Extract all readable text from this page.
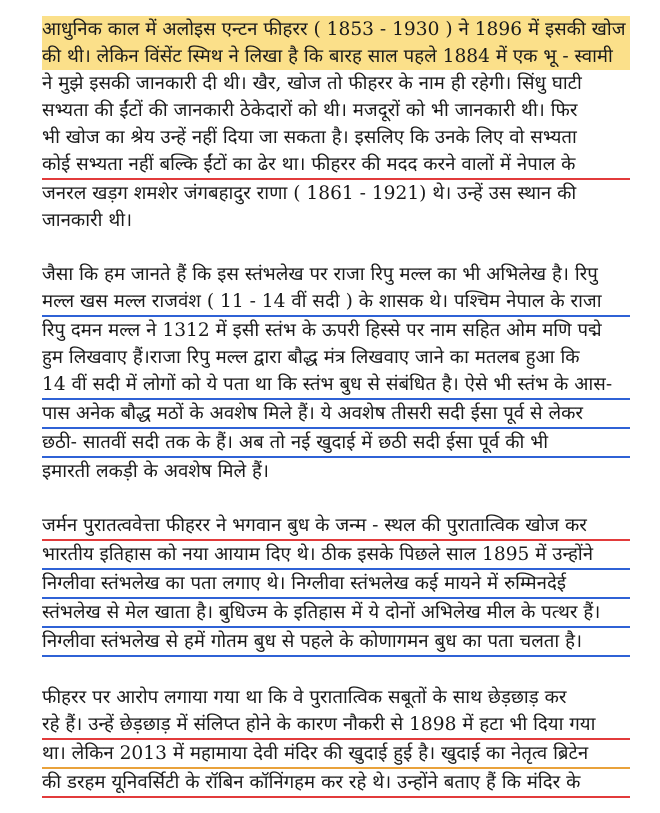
आधुनिक काल में अलोइस एन्टन फीहरर ( 1853 - 1930 ) ने 1896 में इसकी खोज
की थी। लेकिन विंसेंट स्मिथ ने लिखा है कि बारह साल पहले 1884 में एक भू - स्वामी
ने मुझे इसकी जानकारी दी थी। खैर, खोज तो फीहरर के नाम ही रहेगी। सिंधु घाटी
सभ्यता की ईंटों की जानकारी ठेकेदारों को थी। मजदूरों को भी जानकारी थी। फिर
भी खोज का श्रेय उन्हें नहीं दिया जा सकता है। इसलिए कि उनके लिए वो सभ्यता
कोई सभ्यता नहीं बल्कि ईंटों का ढेर था। फीहरर की मदद करने वालों में नेपाल के
जनरल खड़ग शमशेर जंगबहादुर राणा ( 1861 - 1921) थे। उन्हें उस स्थान की
जानकारी थी।

जैसा कि हम जानते हैं कि इस स्तंभलेख पर राजा रिपु मल्ल का भी अभिलेख है। रिपु
मल्ल खस मल्ल राजवंश ( 11 - 14 वीं सदी ) के शासक थे। पश्चिम नेपाल के राजा
रिपु दमन मल्ल ने 1312 में इसी स्तंभ के ऊपरी हिस्से पर नाम सहित ओम मणि पद्मे
हुम लिखवाए हैं।राजा रिपु मल्ल द्वारा बौद्ध मंत्र लिखवाए जाने का मतलब हुआ कि
14 वीं सदी में लोगों को ये पता था कि स्तंभ बुध से संबंधित है। ऐसे भी स्तंभ के आस-
पास अनेक बौद्ध मठों के अवशेष मिले हैं। ये अवशेष तीसरी सदी ईसा पूर्व से लेकर
छठी- सातवीं सदी तक के हैं। अब तो नई खुदाई में छठी सदी ईसा पूर्व की भी
इमारती लकड़ी के अवशेष मिले हैं।

जर्मन पुरातत्ववेत्ता फीहरर ने भगवान बुध के जन्म - स्थल की पुरातात्विक खोज कर
भारतीय इतिहास को नया आयाम दिए थे। ठीक इसके पिछले साल 1895 में उन्होंने
निग्लीवा स्तंभलेख का पता लगाए थे। निग्लीवा स्तंभलेख कई मायने में रुम्मिनदेई
स्तंभलेख से मेल खाता है। बुधिज्म के इतिहास में ये दोनों अभिलेख मील के पत्थर हैं।
निग्लीवा स्तंभलेख से हमें गोतम बुध से पहले के कोणागमन बुध का पता चलता है।

फीहरर पर आरोप लगाया गया था कि वे पुरातात्विक सबूतों के साथ छेड़छाड़ कर
रहे हैं। उन्हें छेड़छाड़ में संलिप्त होने के कारण नौकरी से 1898 में हटा भी दिया गया
था। लेकिन 2013 में महामाया देवी मंदिर की खुदाई हुई है। खुदाई का नेतृत्व ब्रिटेन
की डरहम यूनिवर्सिटी के रॉबिन कॉनिंगहम कर रहे थे। उन्होंने बताए हैं कि मंदिर के
